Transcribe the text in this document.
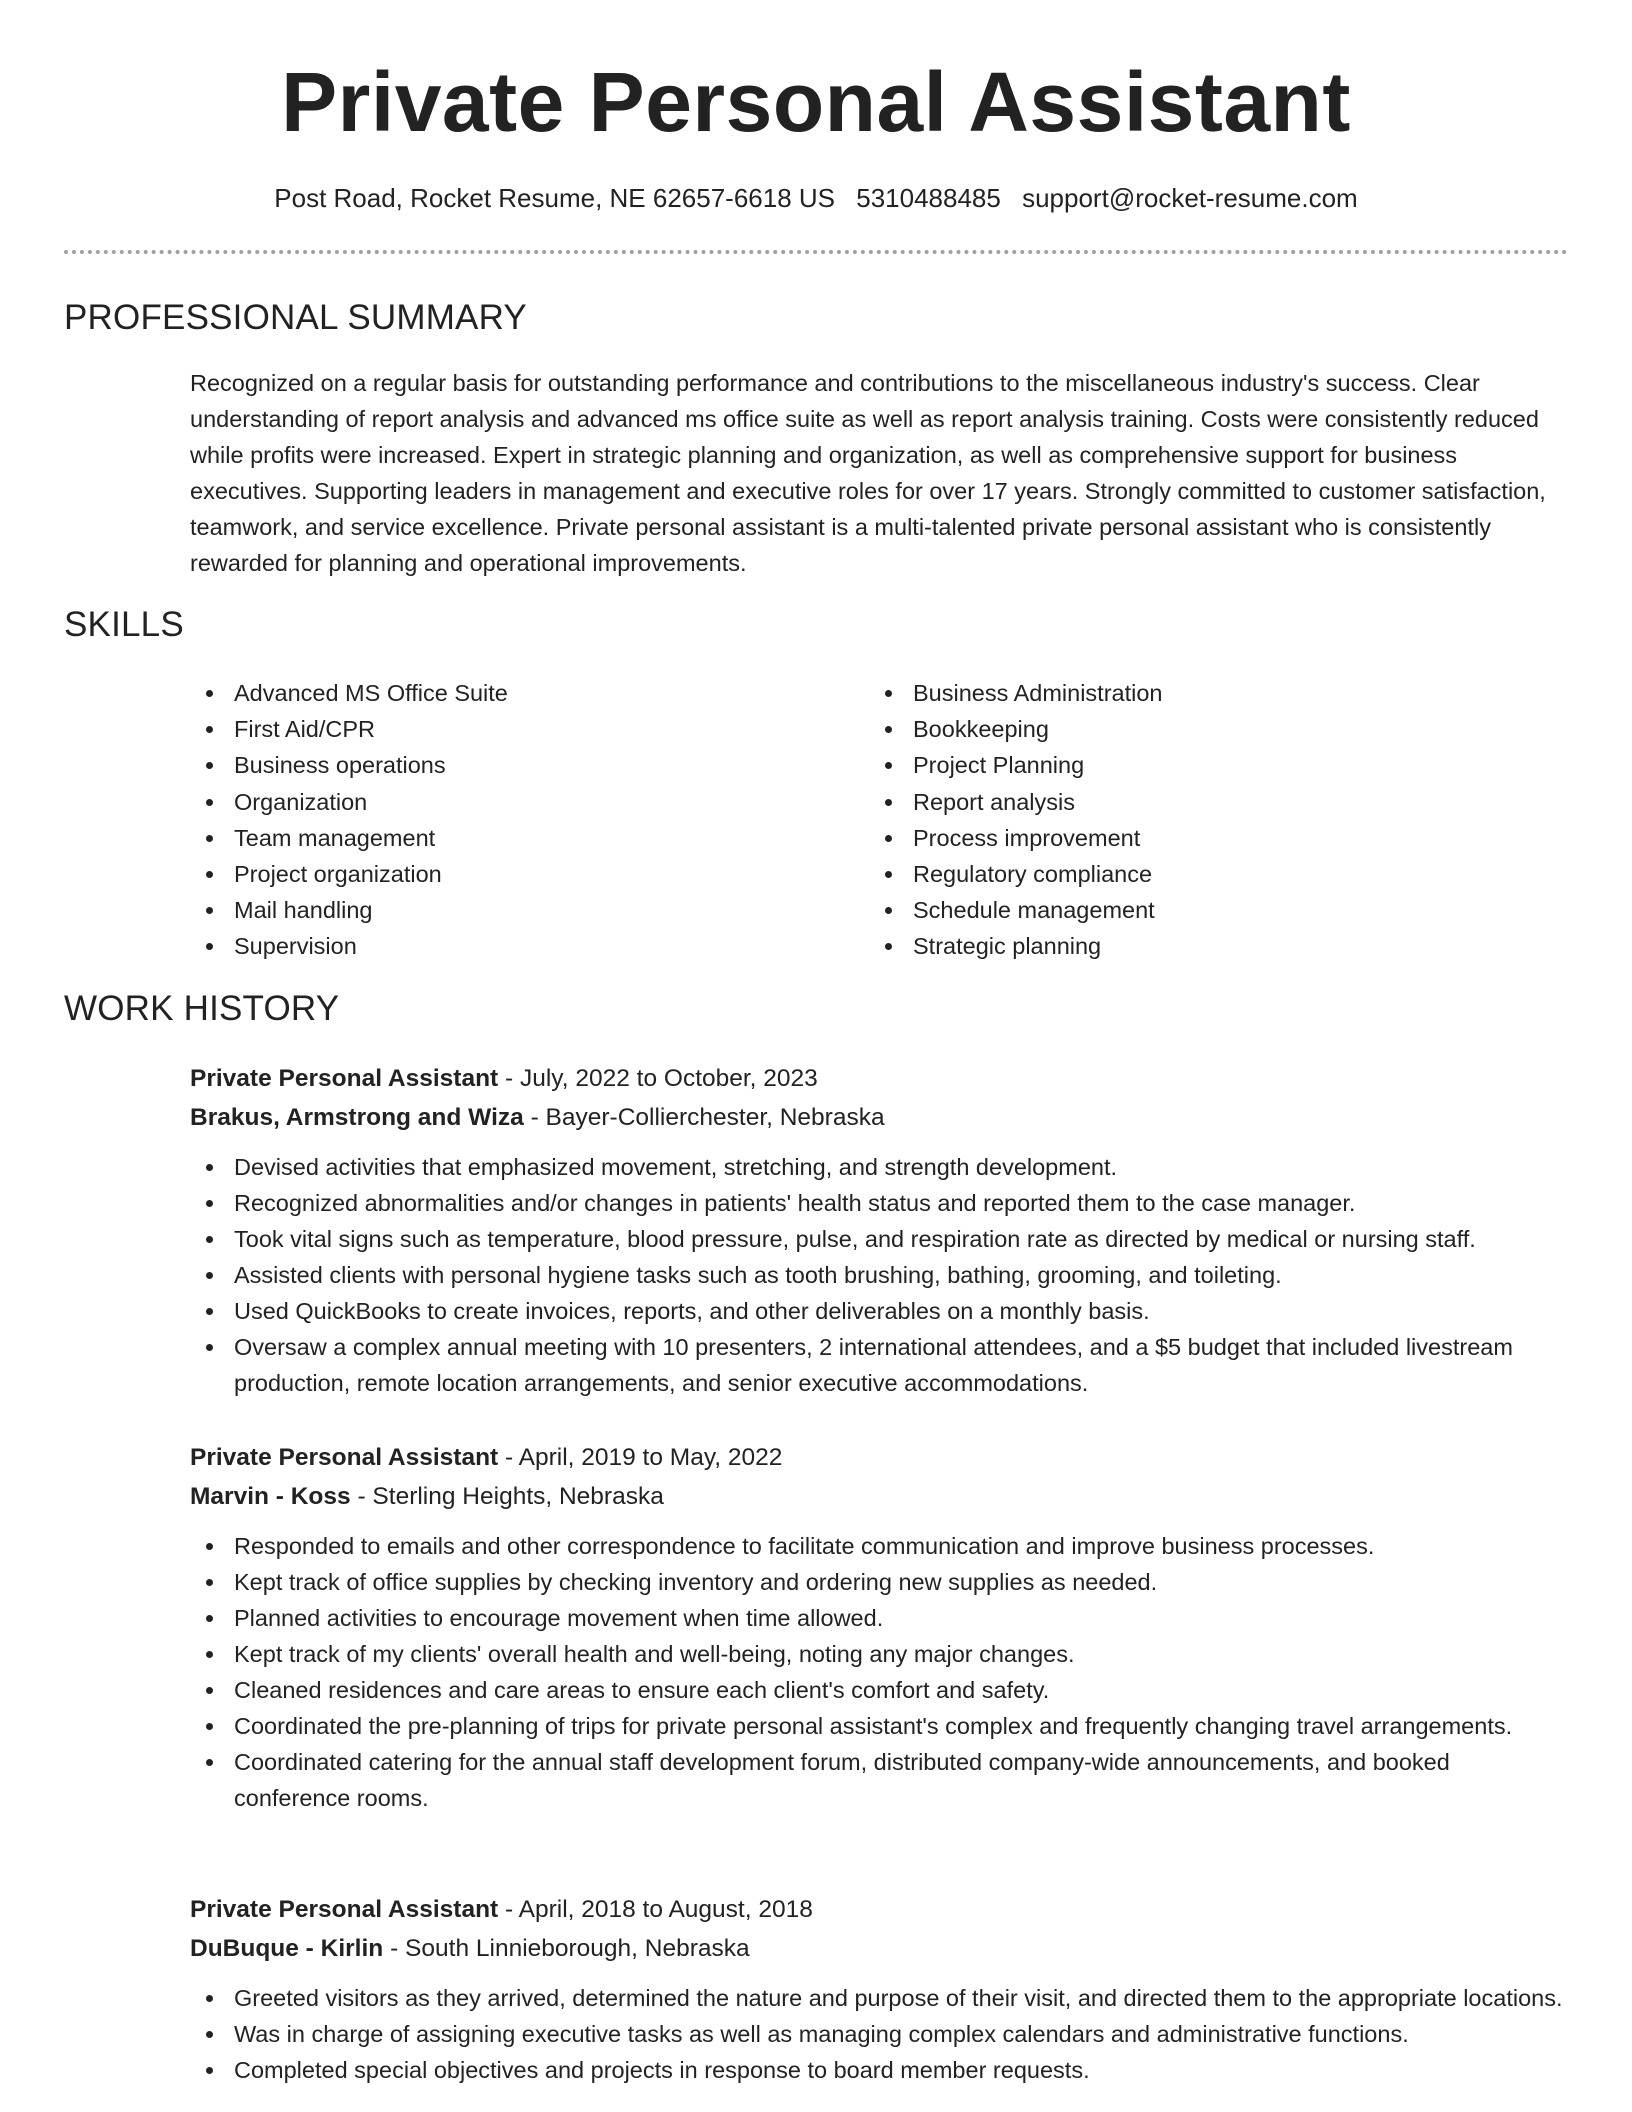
Private Personal Assistant
Post Road, Rocket Resume, NE 62657-6618 US 5310488485 support@rocket-resume.com
PROFESSIONAL SUMMARY
Recognized on a regular basis for outstanding performance and contributions to the miscellaneous industry's success. Clear understanding of report analysis and advanced ms office suite as well as report analysis training. Costs were consistently reduced while profits were increased. Expert in strategic planning and organization, as well as comprehensive support for business executives. Supporting leaders in management and executive roles for over 17 years. Strongly committed to customer satisfaction, teamwork, and service excellence. Private personal assistant is a multi-talented private personal assistant who is consistently rewarded for planning and operational improvements.
SKILLS
Advanced MS Office Suite
First Aid/CPR
Business operations
Organization
Team management
Project organization
Mail handling
Supervision
Business Administration
Bookkeeping
Project Planning
Report analysis
Process improvement
Regulatory compliance
Schedule management
Strategic planning
WORK HISTORY
Private Personal Assistant - July, 2022 to October, 2023
Brakus, Armstrong and Wiza - Bayer-Collierchester, Nebraska
Devised activities that emphasized movement, stretching, and strength development.
Recognized abnormalities and/or changes in patients' health status and reported them to the case manager.
Took vital signs such as temperature, blood pressure, pulse, and respiration rate as directed by medical or nursing staff.
Assisted clients with personal hygiene tasks such as tooth brushing, bathing, grooming, and toileting.
Used QuickBooks to create invoices, reports, and other deliverables on a monthly basis.
Oversaw a complex annual meeting with 10 presenters, 2 international attendees, and a $5 budget that included livestream production, remote location arrangements, and senior executive accommodations.
Private Personal Assistant - April, 2019 to May, 2022
Marvin - Koss - Sterling Heights, Nebraska
Responded to emails and other correspondence to facilitate communication and improve business processes.
Kept track of office supplies by checking inventory and ordering new supplies as needed.
Planned activities to encourage movement when time allowed.
Kept track of my clients' overall health and well-being, noting any major changes.
Cleaned residences and care areas to ensure each client's comfort and safety.
Coordinated the pre-planning of trips for private personal assistant's complex and frequently changing travel arrangements.
Coordinated catering for the annual staff development forum, distributed company-wide announcements, and booked conference rooms.
Private Personal Assistant - April, 2018 to August, 2018
DuBuque - Kirlin - South Linnieborough, Nebraska
Greeted visitors as they arrived, determined the nature and purpose of their visit, and directed them to the appropriate locations.
Was in charge of assigning executive tasks as well as managing complex calendars and administrative functions.
Completed special objectives and projects in response to board member requests.
